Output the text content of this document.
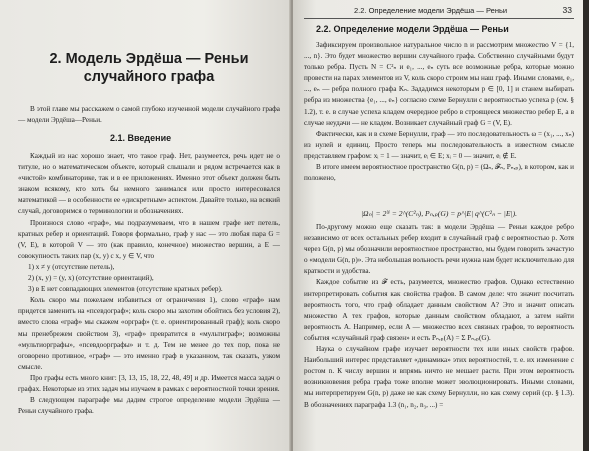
2. Модель Эрдёша — Реньи
случайного графа

В этой главе мы расскажем о самой глубоко изученной модели случайного графа — модели Эрдёша—Реньи.

2.1. Введение

Каждый из нас хорошо знает, что такое граф. Нет, разумеется, речь идет не о титуле, но о математическом объекте, который слышали и рядом встречается как в «чистой» комбинаторике, так и в ее приложениях. Именно этот объект должен быть знаком всякому, кто хоть бы немного занимался или просто интересовался математикой — в особенности ее «дискретным» аспектом. Давайте только, на всякий случай, договоримся о терминологии и обозначениях.

Произнося слово «граф», мы подразумеваем, что в нашем графе нет петель, кратных ребер и ориентаций. Говоря формально, граф у нас — это любая пара G = (V, E), в которой V — это (как правило, конечное) множество вершин, а E — совокупность таких пар (x, y) с x, y ∈ V, что

1) x ≠ y (отсутствие петель),
2) (x, y) = (y, x) (отсутствие ориентаций),
3) в E нет совпадающих элементов (отсутствие кратных ребер).

Коль скоро мы пожелаем избавиться от ограничения 1), слово «граф» нам придется заменить на «псевдограф»; коль скоро мы захотим обойтись без условия 2), вместо слова «граф» мы скажем «орграф» (т. е. ориентированный граф); коль скоро мы пренебрежем свойством 3), «граф» превратится в «мультиграф»; возможны «мультиорграфы», «псевдоорграфы» и т. д. Тем не менее до тех пор, пока не оговорено противное, «граф» — это именно граф в указанном, так сказать, узком смысле.

Про графы есть много книг: [3, 13, 15, 18, 22, 48, 49] и др. Имеется масса задач о графах. Некоторые из этих задач мы изучаем в рамках с вероятностной точки зрения.

В следующем параграфе мы дадим строгое определение модели Эрдёша — Реньи случайного графа.

2.2. Определение модели Эрдёша — Реньи	33
2.2. Определение модели Эрдёша — Реньи

Зафиксируем произвольное натуральное число n и рассмотрим множество V = {1, ..., n}. Это будет множество вершин случайного графа. Собственно случайными будут только ребра. Пусть N = C²ₙ и e₁, ..., eₙ суть все возможные ребра, которые можно провести на парах элементов из V, коль скоро строим мы наш граф. Иными словами, e₁, ..., eₙ — ребра полного графа Kₙ. Зададимся некоторым p ∈ [0, 1] и станем выбирать ребра из множества {e₁, ..., eₙ} согласно схеме Бернулли с вероятностью успеха p (см. § 1.2), т. е. в случае успеха кладем очередное ребро в строящееся множество ребер E, а в случае неудачи — не кладем. Возникает случайный граф G = (V, E).

Фактически, как и в схеме Бернулли, граф — это последовательность ω = (x₁, ..., xₙ) из нулей и единиц. Просто теперь мы последовательность в известном смысле представляем графом: xᵢ = 1 — значит, eᵢ ∈ E; xᵢ = 0 — значит, eᵢ ∉ E.

В итоге имеем вероятностное пространство G(n, p) = (Ωₙ, 𝓕ₙ, Pₙ,ₚ), в котором, как и положено,

|Ωₙ| = 2ᴺ = 2^(C²ₙ), Pₙ,ₚ(G) = p^|E| q^(C²ₙ − |E|).

По-другому можно еще сказать так: в модели Эрдёша — Реньи каждое ребро независимо от всех остальных ребер входит в случайный граф с вероятностью p. Хотя через G(n, p) мы обозначили вероятностное пространство, мы будем говорить зачастую о «модели G(n, p)». Эта небольшая вольность речи нужна нам будет исключительно для краткости и удобства.

Каждое событие из 𝓕 есть, разумеется, множество графов. Однако естественно интерпретировать события как свойства графов. В самом деле: что значит посчитать вероятность того, что граф обладает данным свойством A? Это и значит описать множество A тех графов, которые данным свойством обладают, а затем найти вероятность A. Например, если A — множество всех связных графов, то вероятность события «случайный граф связен» и есть Pₙ,ₚ(A) = Σ Pₙ,ₚ(G).

Наука о случайном графе изучает вероятности тех или иных свойств графов. Наибольший интерес представляет «динамика» этих вероятностей, т. е. их изменение с ростом n. К числу вершин и впрямь ничто не мешает расти. При этом вероятность возникновения ребра графа тоже вполне может эволюционировать. Иными словами, мы интерпретируем G(n, p) даже не как схему Бернулли, но как схему серий (ср. § 1.3). В обозначениях параграфа 1.3 (n₁, n₂, n₃, ...) =
